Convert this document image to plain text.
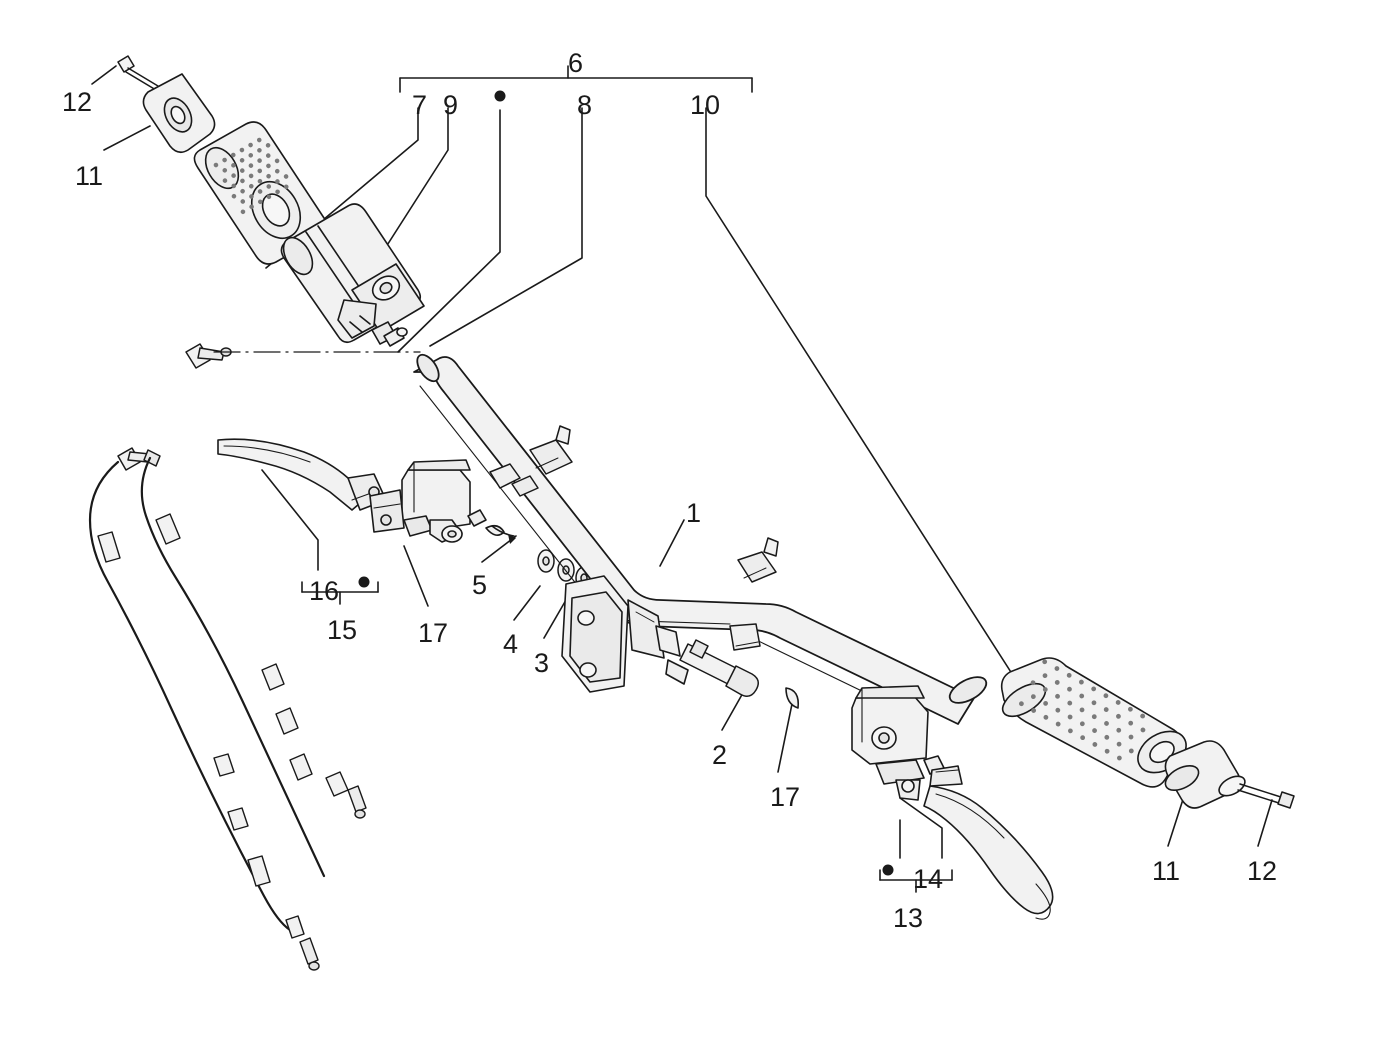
1
2
3
4
5
6
7	8
9	10
11
12
11 12
13
14
15
16
17
17
